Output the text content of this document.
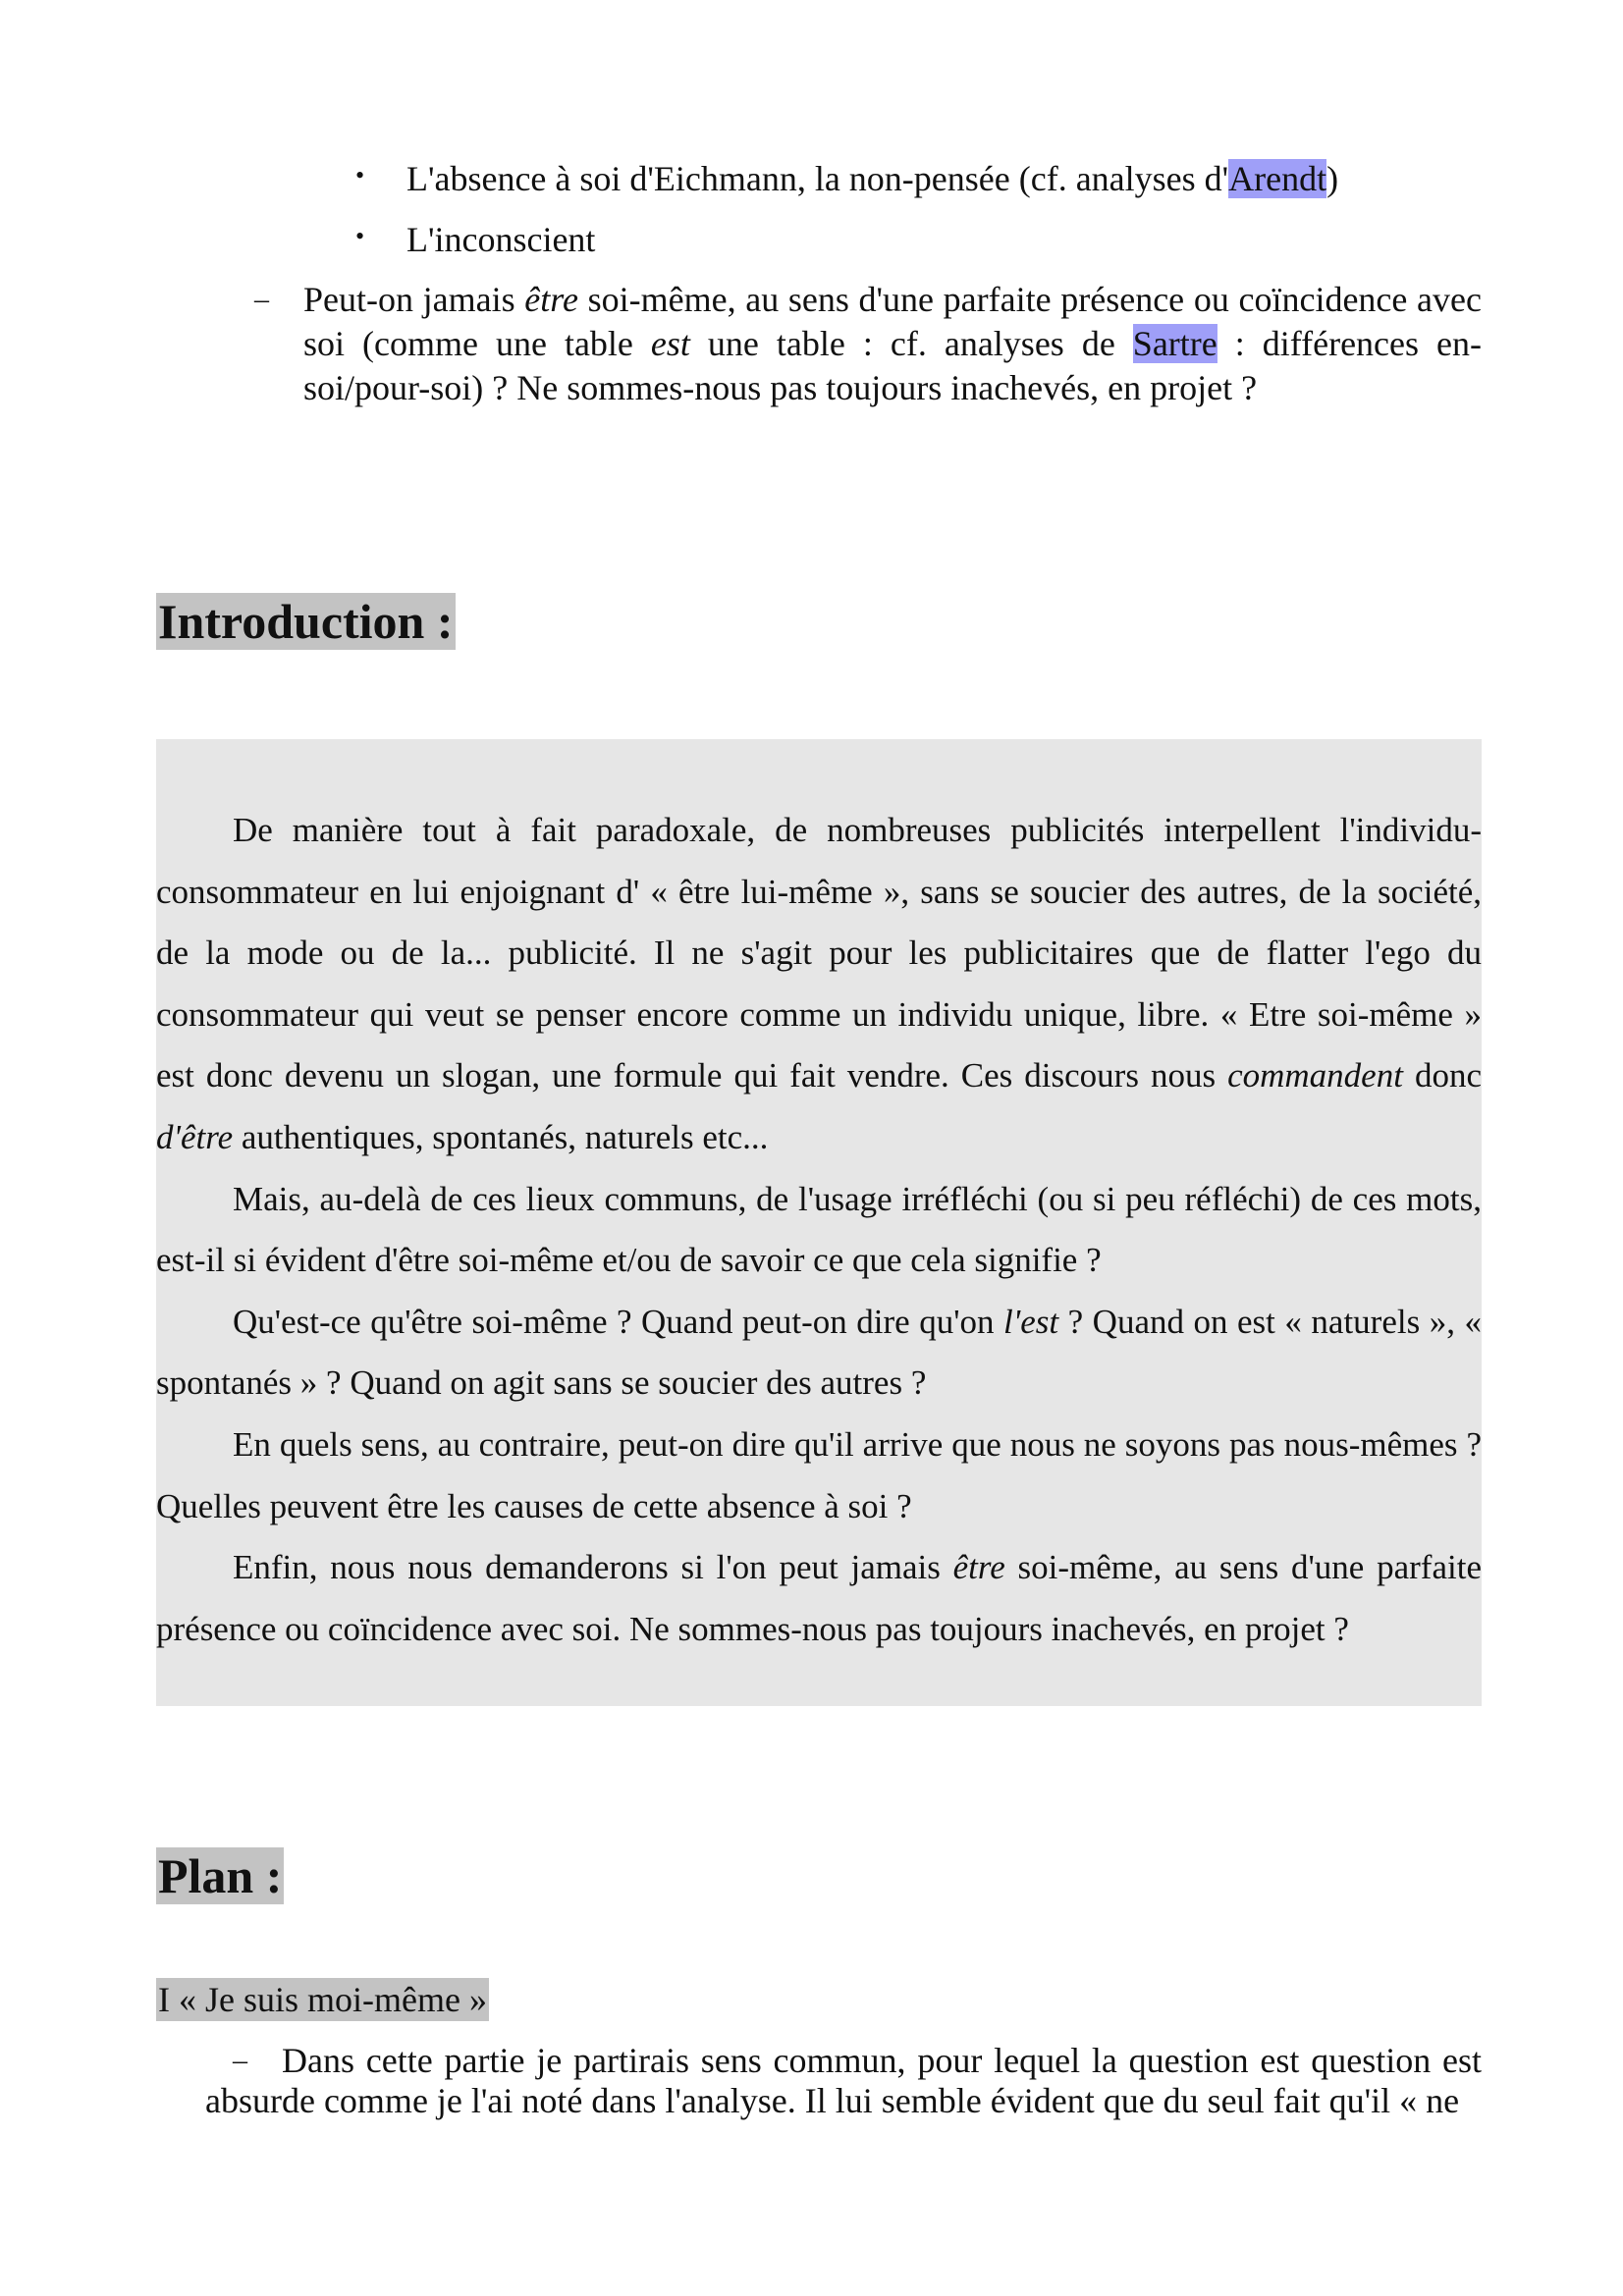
• L'absence à soi d'Eichmann, la non-pensée (cf. analyses d'Arendt)
• L'inconscient
– Peut-on jamais être soi-même, au sens d'une parfaite présence ou coïncidence avec soi (comme une table est une table : cf. analyses de Sartre : différences en-soi/pour-soi) ? Ne sommes-nous pas toujours inachevés, en projet ?
Introduction :

De manière tout à fait paradoxale, de nombreuses publicités interpellent l'individu-consommateur en lui enjoignant d' « être lui-même », sans se soucier des autres, de la société, de la mode ou de la... publicité. Il ne s'agit pour les publicitaires que de flatter l'ego du consommateur qui veut se penser encore comme un individu unique, libre. « Etre soi-même » est donc devenu un slogan, une formule qui fait vendre. Ces discours nous commandent donc d'être authentiques, spontanés, naturels etc...

Mais, au-delà de ces lieux communs, de l'usage irréfléchi (ou si peu réfléchi) de ces mots, est-il si évident d'être soi-même et/ou de savoir ce que cela signifie ?

Qu'est-ce qu'être soi-même ? Quand peut-on dire qu'on l'est ? Quand on est « naturels », « spontanés » ? Quand on agit sans se soucier des autres ?

En quels sens, au contraire, peut-on dire qu'il arrive que nous ne soyons pas nous-mêmes ? Quelles peuvent être les causes de cette absence à soi ?

Enfin, nous nous demanderons si l'on peut jamais être soi-même, au sens d'une parfaite présence ou coïncidence avec soi. Ne sommes-nous pas toujours inachevés, en projet ?

Plan :
I « Je suis moi-même »
– Dans cette partie je partirais sens commun, pour lequel la question est question est absurde comme je l'ai noté dans l'analyse. Il lui semble évident que du seul fait qu'il « ne
